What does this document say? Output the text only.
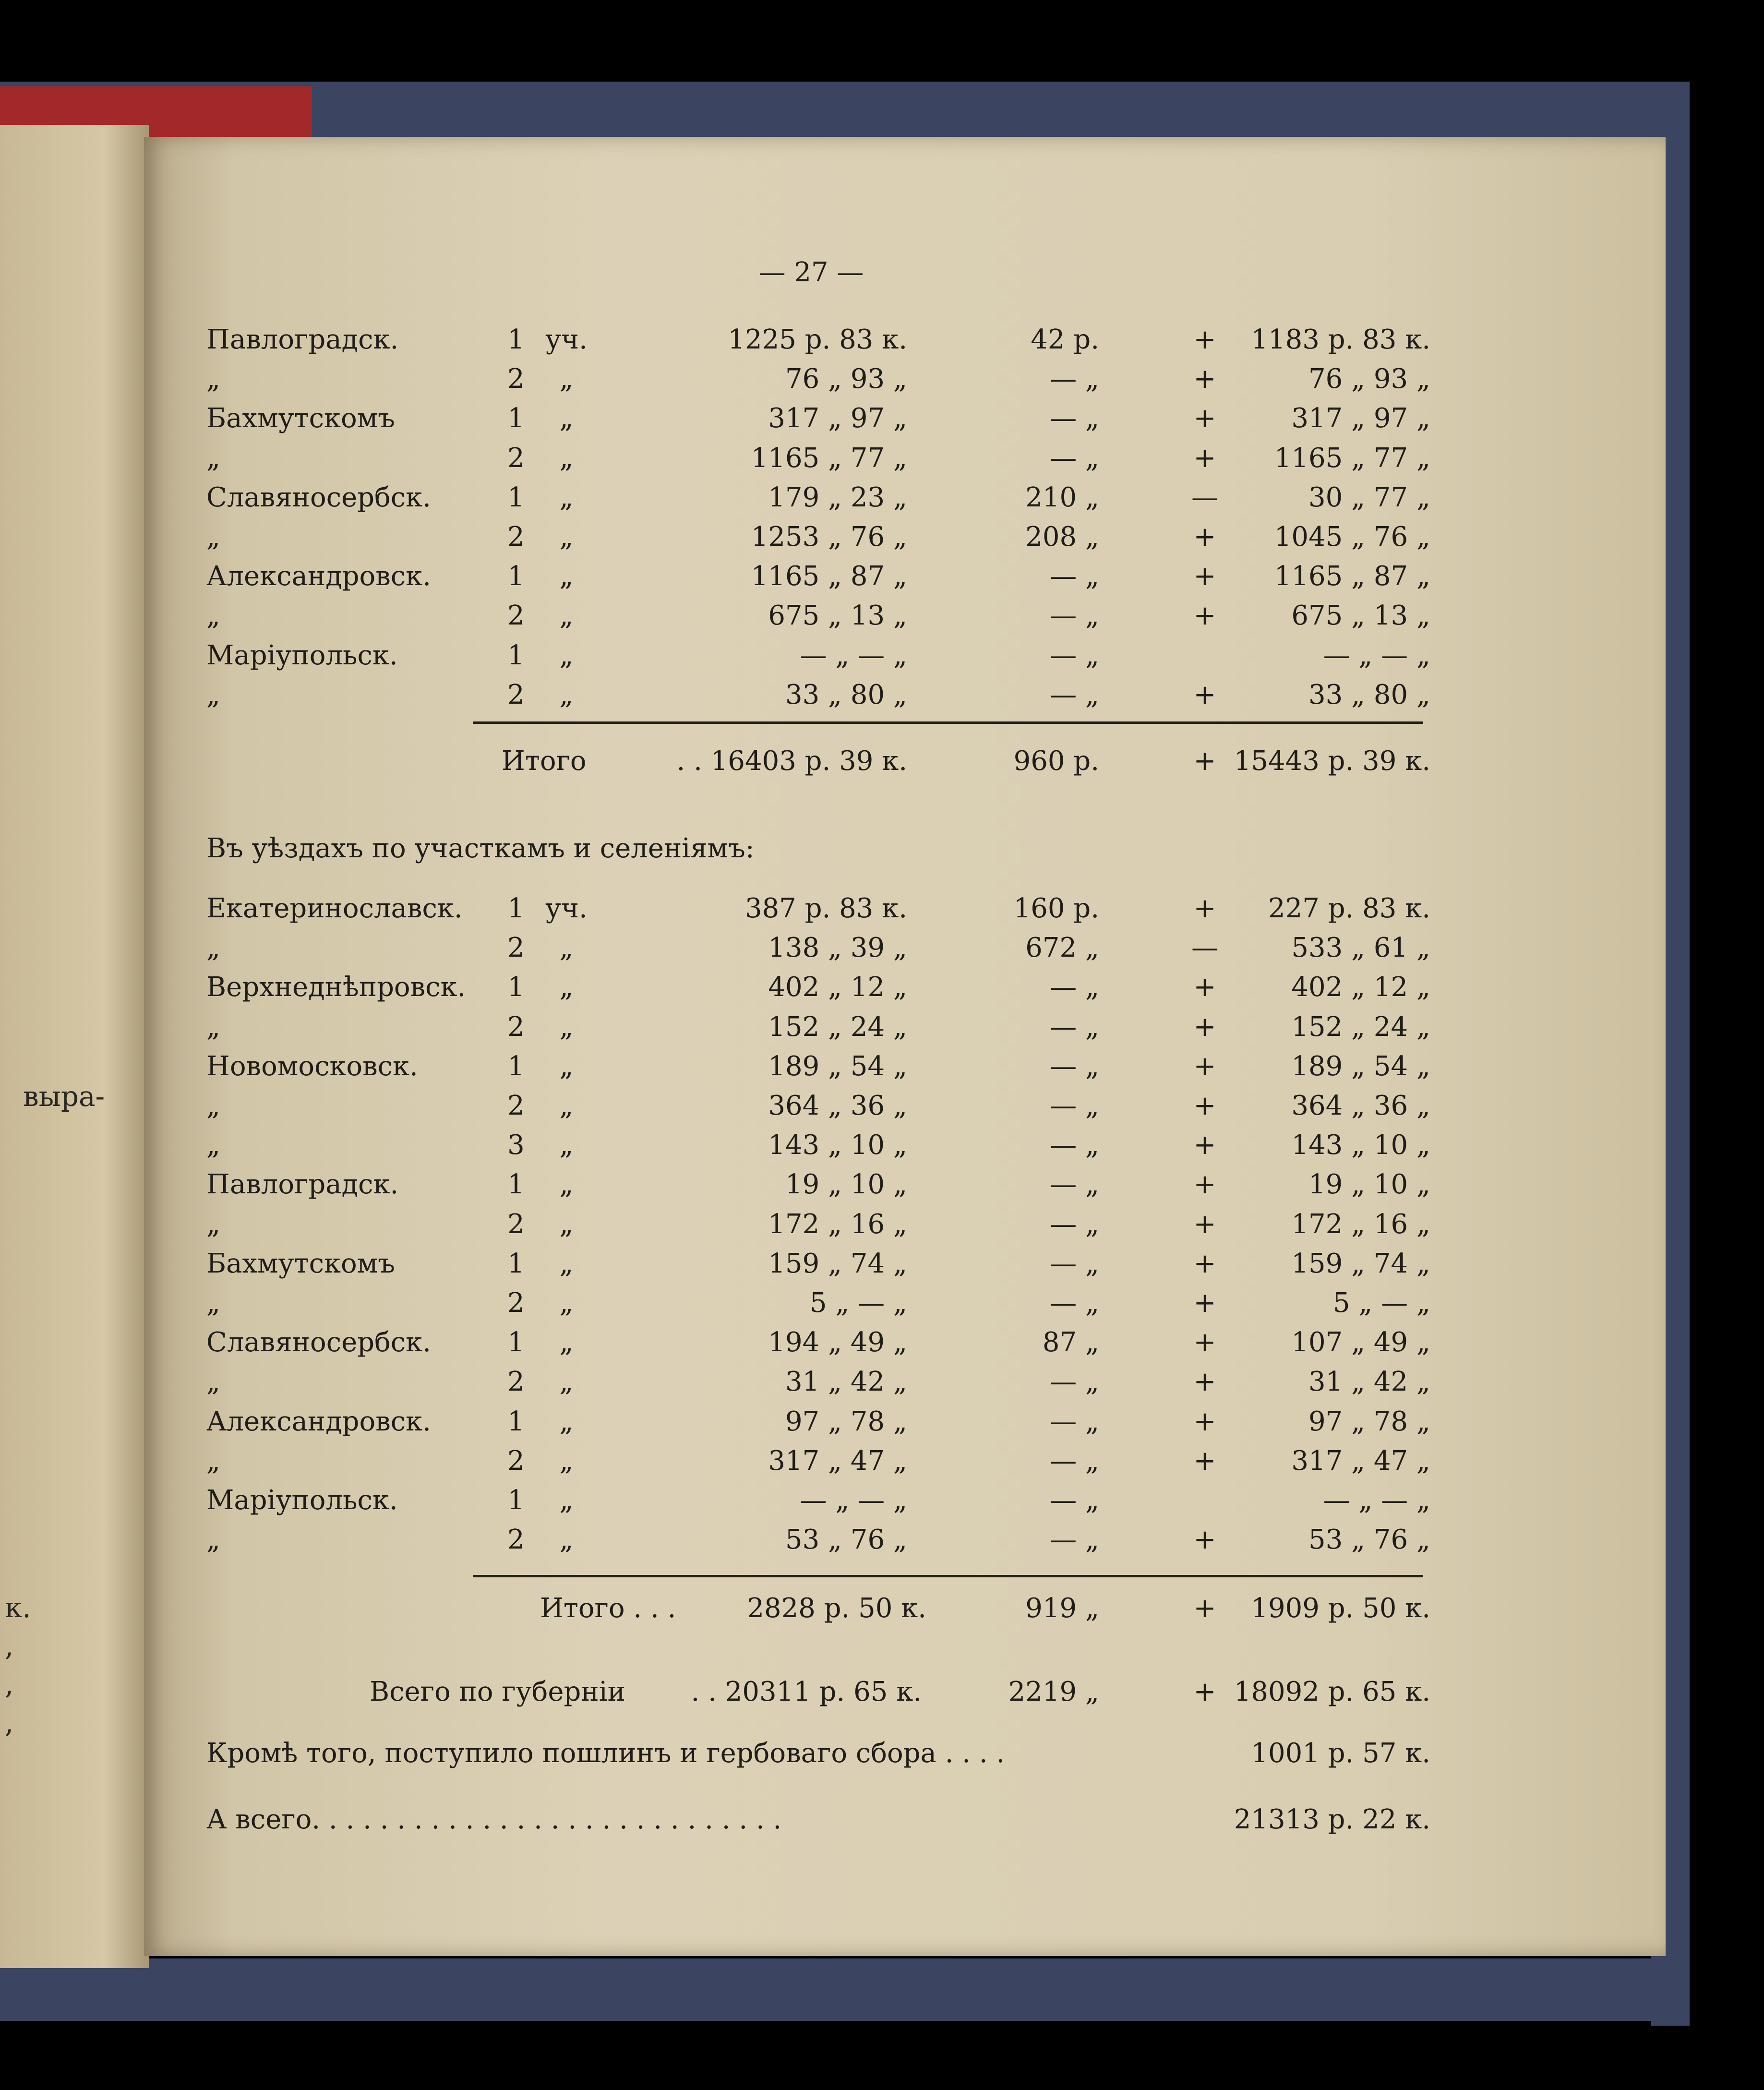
выра-
к.
,
,
,
— 27 —
Павлоградск.	1 уч.	1225 р. 83 к.	42 р.	+	1183 р. 83 к.
„	2	„	76 „ 93 „	— „	+	76 „ 93 „
Бахмутскомъ	1	„	317 „ 97 „	— „	+	317 „ 97 „
„	2	„	1165 „ 77 „	— „	+	1165 „ 77 „
Славяносербск.	1	„	179 „ 23 „	210 „	—	30 „ 77 „
„	2	„	1253 „ 76 „	208 „	+	1045 „ 76 „
Александровск.	1	„	1165 „ 87 „	— „	+	1165 „ 87 „
„	2	„	675 „ 13 „	— „	+	675 „ 13 „
Маріупольск.	1	„	— „ — „	— „	— „ — „
„	2	„	33 „ 80 „	— „	+	33 „ 80 „
Итого	. . 16403 р. 39 к.	960 р.	+ 15443 р. 39 к.
Въ уѣздахъ по участкамъ и селеніямъ:
Екатеринославск.	1 уч.	387 р. 83 к.	160 р.	+	227 р. 83 к.
„	2	„	138 „ 39 „	672 „	—	533 „ 61 „
Верхнеднѣпровск.	1	„	402 „ 12 „	— „	+	402 „ 12 „
„	2	„	152 „ 24 „	— „	+	152 „ 24 „
Новомосковск.	1	„	189 „ 54 „	— „	+	189 „ 54 „
„	2	„	364 „ 36 „	— „	+	364 „ 36 „
„	3	„	143 „ 10 „	— „	+	143 „ 10 „
Павлоградск.	1	„	19 „ 10 „	— „	+	19 „ 10 „
„	2	„	172 „ 16 „	— „	+	172 „ 16 „
Бахмутскомъ	1	„	159 „ 74 „	— „	+	159 „ 74 „
„	2	„	5 „ — „	— „	+	5 „ — „
Славяносербск.	1	„	194 „ 49 „	87 „	+	107 „ 49 „
„	2	„	31 „ 42 „	— „	+	31 „ 42 „
Александровск.	1	„	97 „ 78 „	— „	+	97 „ 78 „
„	2	„	317 „ 47 „	— „	+	317 „ 47 „
Маріупольск.	1	„	— „ — „	— „	— „ — „
„	2	„	53 „ 76 „	— „	+	53 „ 76 „
Итого . . .	2828 р. 50 к.	919 „	+	1909 р. 50 к.
Всего по губерніи	. . 20311 р. 65 к.	2219 „	+ 18092 р. 65 к.
Кромѣ того, поступило пошлинъ и гербоваго сбора . . . .	1001 р. 57 к.
А всего. . . . . . . . . . . . . . . . . . . . . . . . . . . .	21313 р. 22 к.
